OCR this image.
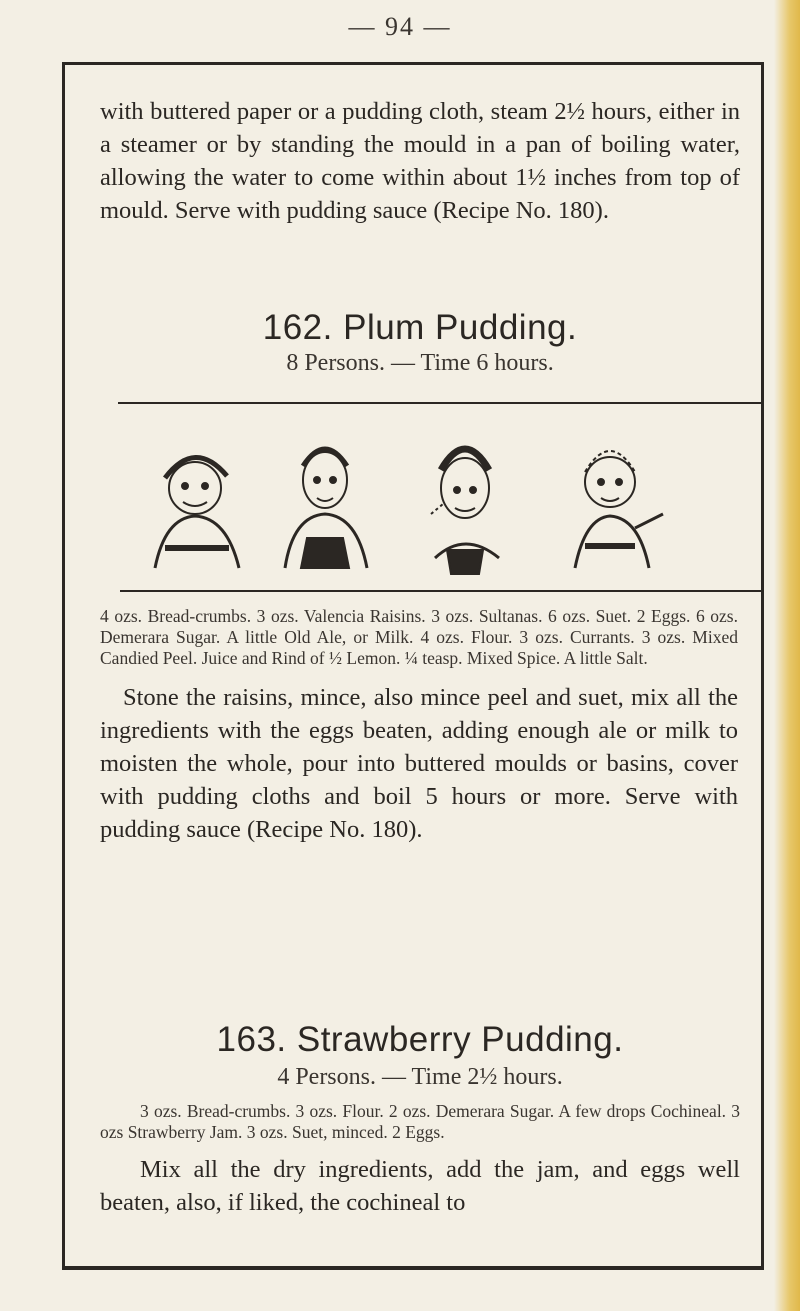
— 94 —

with buttered paper or a pudding cloth, steam 2½ hours, either in a steamer or by standing the mould in a pan of boiling water, allowing the water to come within about 1½ inches from top of mould. Serve with pudding sauce (Recipe No. 180).

162. Plum Pudding.

8 Persons. — Time 6 hours.

4 ozs. Bread-crumbs. 3 ozs. Valencia Raisins. 3 ozs. Sultanas. 6 ozs. Suet. 2 Eggs. 6 ozs. Demerara Sugar. A little Old Ale, or Milk. 4 ozs. Flour. 3 ozs. Currants. 3 ozs. Mixed Candied Peel. Juice and Rind of ½ Lemon. ¼ teasp. Mixed Spice. A little Salt.

Stone the raisins, mince, also mince peel and suet, mix all the ingredients with the eggs beaten, adding enough ale or milk to moisten the whole, pour into buttered moulds or basins, cover with pudding cloths and boil 5 hours or more. Serve with pudding sauce (Recipe No. 180).

163. Strawberry Pudding.

4 Persons. — Time 2½ hours.

3 ozs. Bread-crumbs. 3 ozs. Flour. 2 ozs. Demerara Sugar. A few drops Cochineal. 3 ozs Strawberry Jam. 3 ozs. Suet, minced. 2 Eggs.

Mix all the dry ingredients, add the jam, and eggs well beaten, also, if liked, the cochineal to
